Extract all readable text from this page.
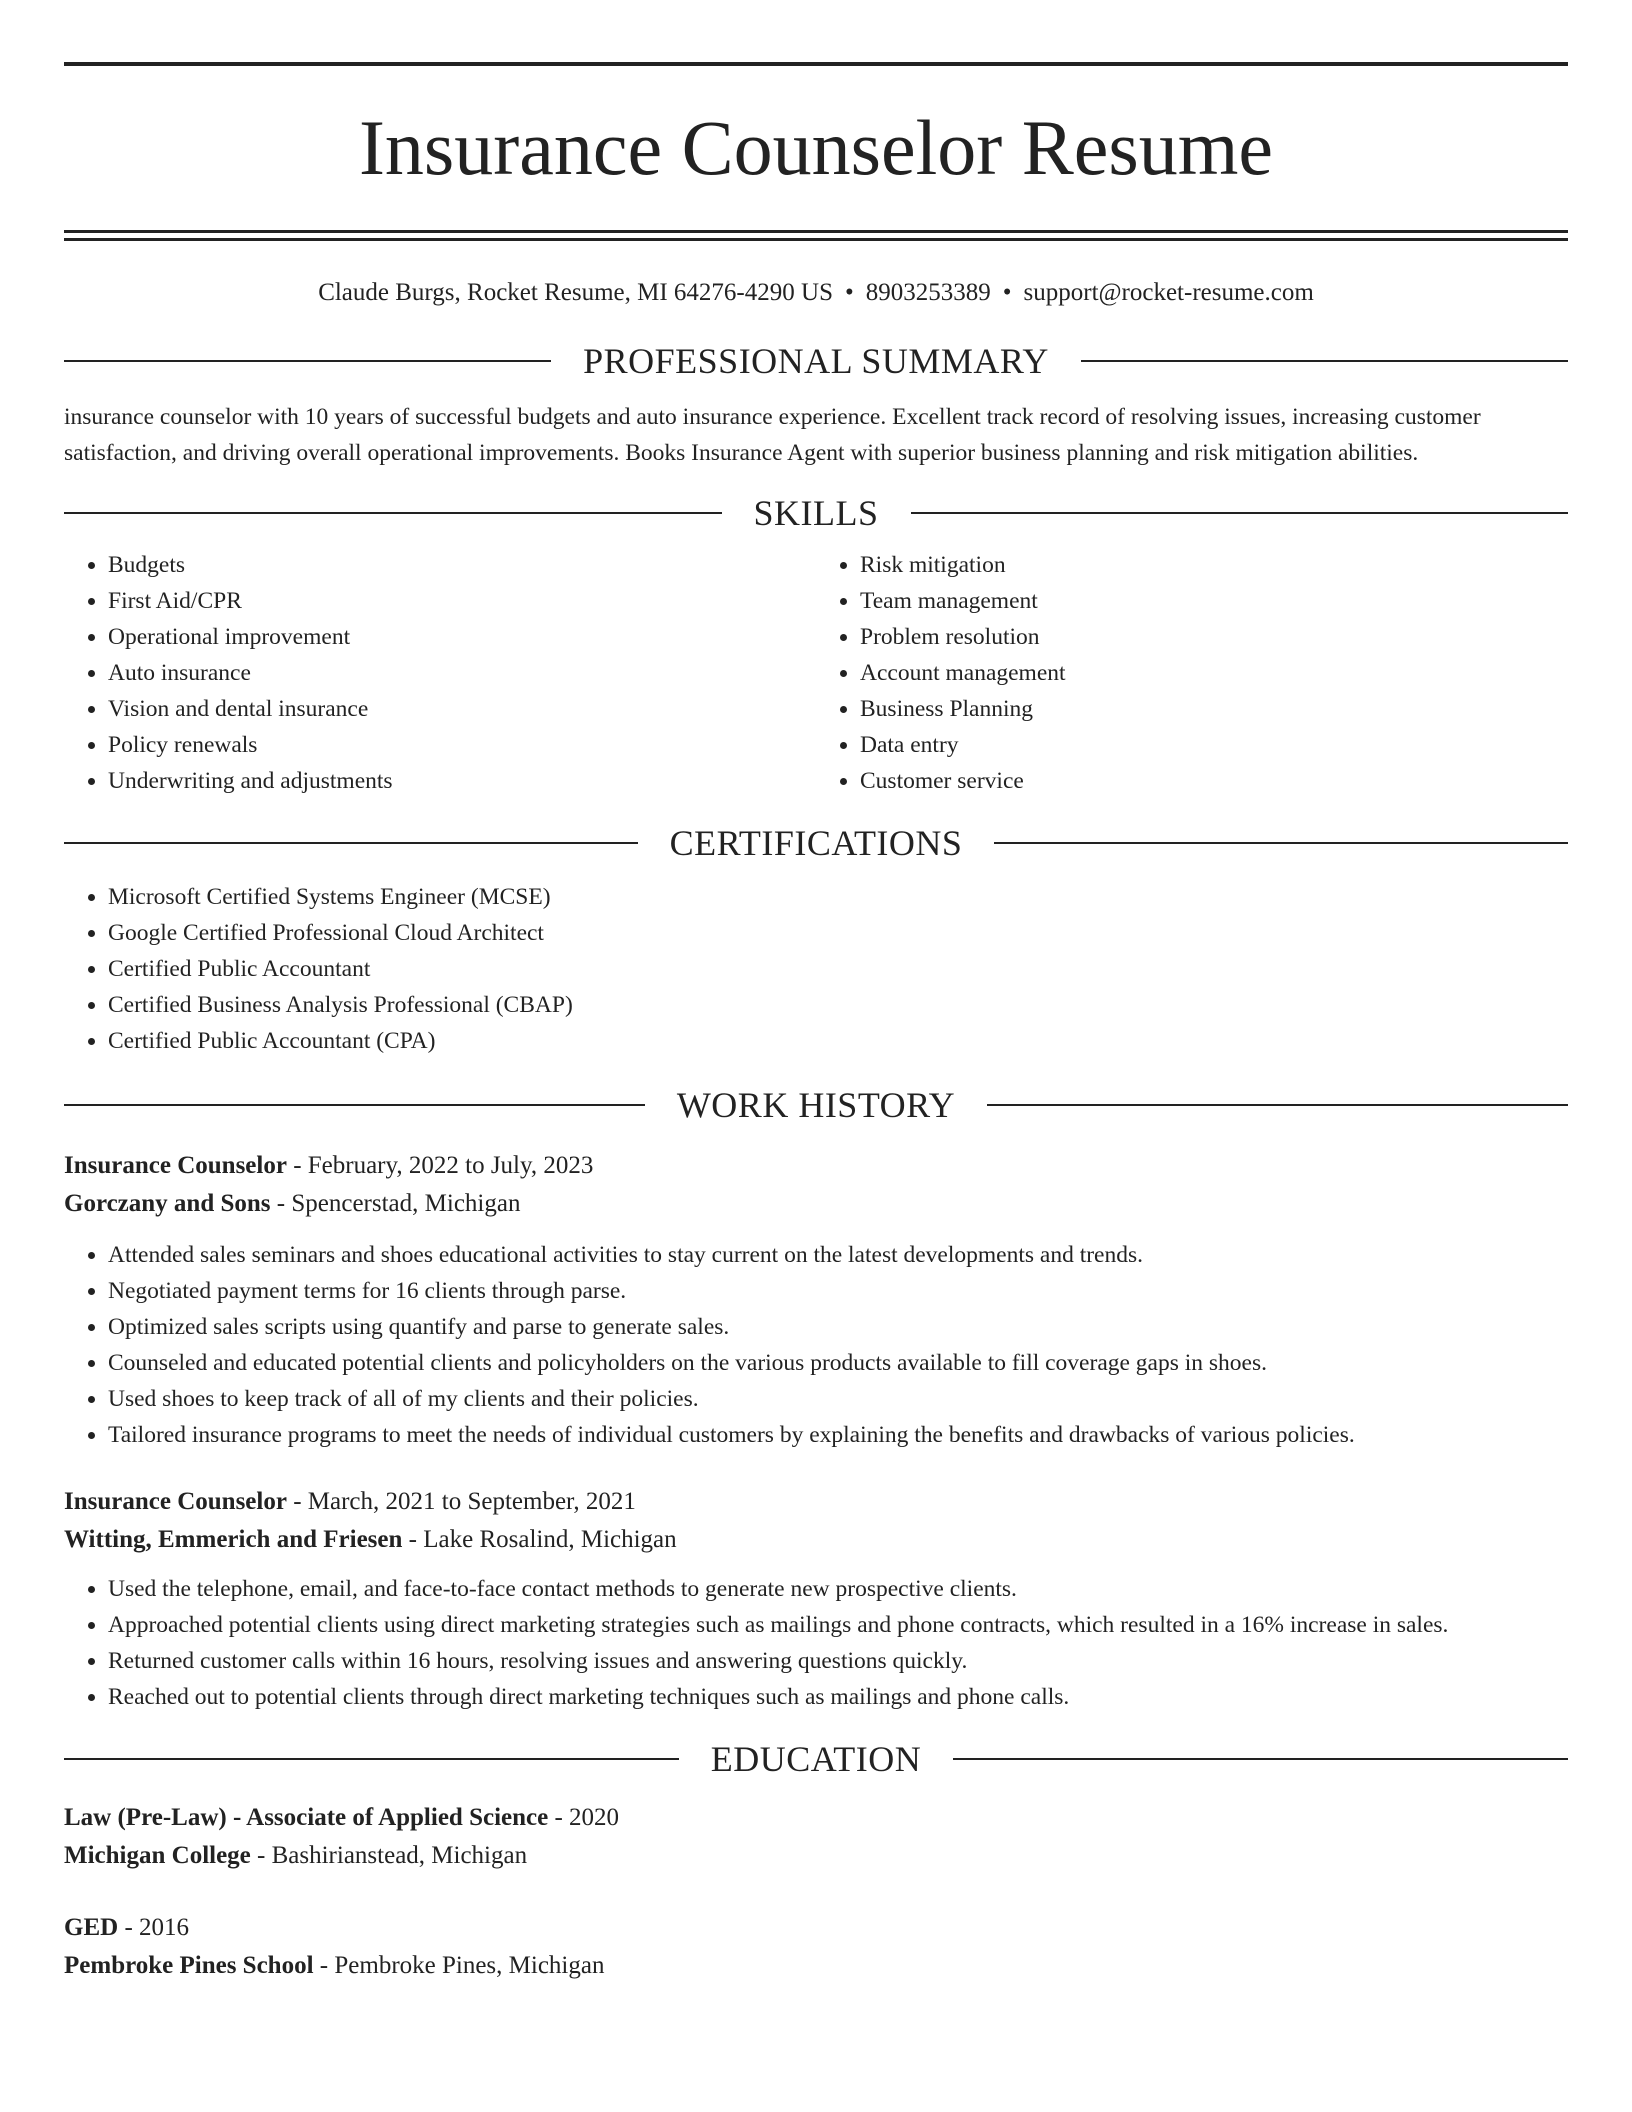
Insurance Counselor Resume
Claude Burgs, Rocket Resume, MI 64276-4290 US • 8903253389 • support@rocket-resume.com
PROFESSIONAL SUMMARY

insurance counselor with 10 years of successful budgets and auto insurance experience. Excellent track record of resolving issues, increasing customer satisfaction, and driving overall operational improvements. Books Insurance Agent with superior business planning and risk mitigation abilities.

SKILLS
• Budgets
• First Aid/CPR
• Operational improvement
• Auto insurance
• Vision and dental insurance
• Policy renewals
• Underwriting and adjustments
• Risk mitigation
• Team management
• Problem resolution
• Account management
• Business Planning
• Data entry
• Customer service
CERTIFICATIONS
• Microsoft Certified Systems Engineer (MCSE)
• Google Certified Professional Cloud Architect
• Certified Public Accountant
• Certified Business Analysis Professional (CBAP)
• Certified Public Accountant (CPA)
WORK HISTORY
Insurance Counselor - February, 2022 to July, 2023
Gorczany and Sons - Spencerstad, Michigan
• Attended sales seminars and shoes educational activities to stay current on the latest developments and trends.
• Negotiated payment terms for 16 clients through parse.
• Optimized sales scripts using quantify and parse to generate sales.
• Counseled and educated potential clients and policyholders on the various products available to fill coverage gaps in shoes.
• Used shoes to keep track of all of my clients and their policies.
• Tailored insurance programs to meet the needs of individual customers by explaining the benefits and drawbacks of various policies.
Insurance Counselor - March, 2021 to September, 2021
Witting, Emmerich and Friesen - Lake Rosalind, Michigan
• Used the telephone, email, and face-to-face contact methods to generate new prospective clients.
• Approached potential clients using direct marketing strategies such as mailings and phone contracts, which resulted in a 16% increase in sales.
• Returned customer calls within 16 hours, resolving issues and answering questions quickly.
• Reached out to potential clients through direct marketing techniques such as mailings and phone calls.
EDUCATION
Law (Pre-Law) - Associate of Applied Science - 2020
Michigan College - Bashirianstead, Michigan
GED - 2016
Pembroke Pines School - Pembroke Pines, Michigan
